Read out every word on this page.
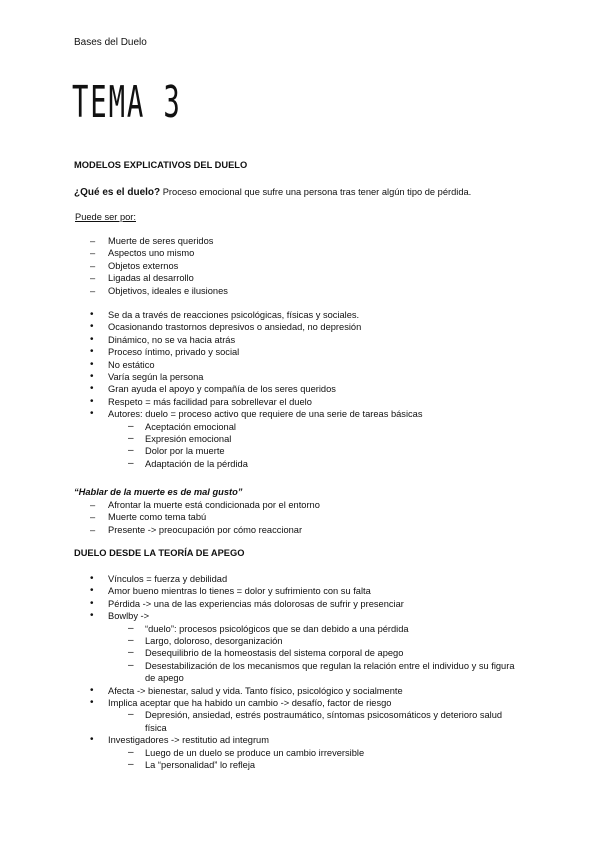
Bases del Duelo
TEMA 3
MODELOS EXPLICATIVOS DEL DUELO
¿Qué es el duelo? Proceso emocional que sufre una persona tras tener algún tipo de pérdida.
Puede ser por:
– Muerte de seres queridos
– Aspectos uno mismo
– Objetos externos
– Ligadas al desarrollo
– Objetivos, ideales e ilusiones
• Se da a través de reacciones psicológicas, físicas y sociales.
• Ocasionando trastornos depresivos o ansiedad, no depresión
• Dinámico, no se va hacia atrás
• Proceso íntimo, privado y social
• No estático
• Varía según la persona
• Gran ayuda el apoyo y compañía de los seres queridos
• Respeto = más facilidad para sobrellevar el duelo
• Autores: duelo = proceso activo que requiere de una serie de tareas básicas
– Aceptación emocional
– Expresión emocional
– Dolor por la muerte
– Adaptación de la pérdida
“Hablar de la muerte es de mal gusto”
– Afrontar la muerte está condicionada por el entorno
– Muerte como tema tabú
– Presente -> preocupación por cómo reaccionar
DUELO DESDE LA TEORÍA DE APEGO
• Vínculos = fuerza y debilidad
• Amor bueno mientras lo tienes = dolor y sufrimiento con su falta
• Pérdida -> una de las experiencias más dolorosas de sufrir y presenciar
• Bowlby ->
– “duelo”: procesos psicológicos que se dan debido a una pérdida
– Largo, doloroso, desorganización
– Desequilibrio de la homeostasis del sistema corporal de apego
– Desestabilización de los mecanismos que regulan la relación entre el individuo y su figura de apego
• Afecta -> bienestar, salud y vida. Tanto físico, psicológico y socialmente
• Implica aceptar que ha habido un cambio -> desafío, factor de riesgo
– Depresión, ansiedad, estrés postraumático, síntomas psicosomáticos y deterioro salud física
• Investigadores -> restitutio ad integrum
– Luego de un duelo se produce un cambio irreversible
– La “personalidad” lo refleja
